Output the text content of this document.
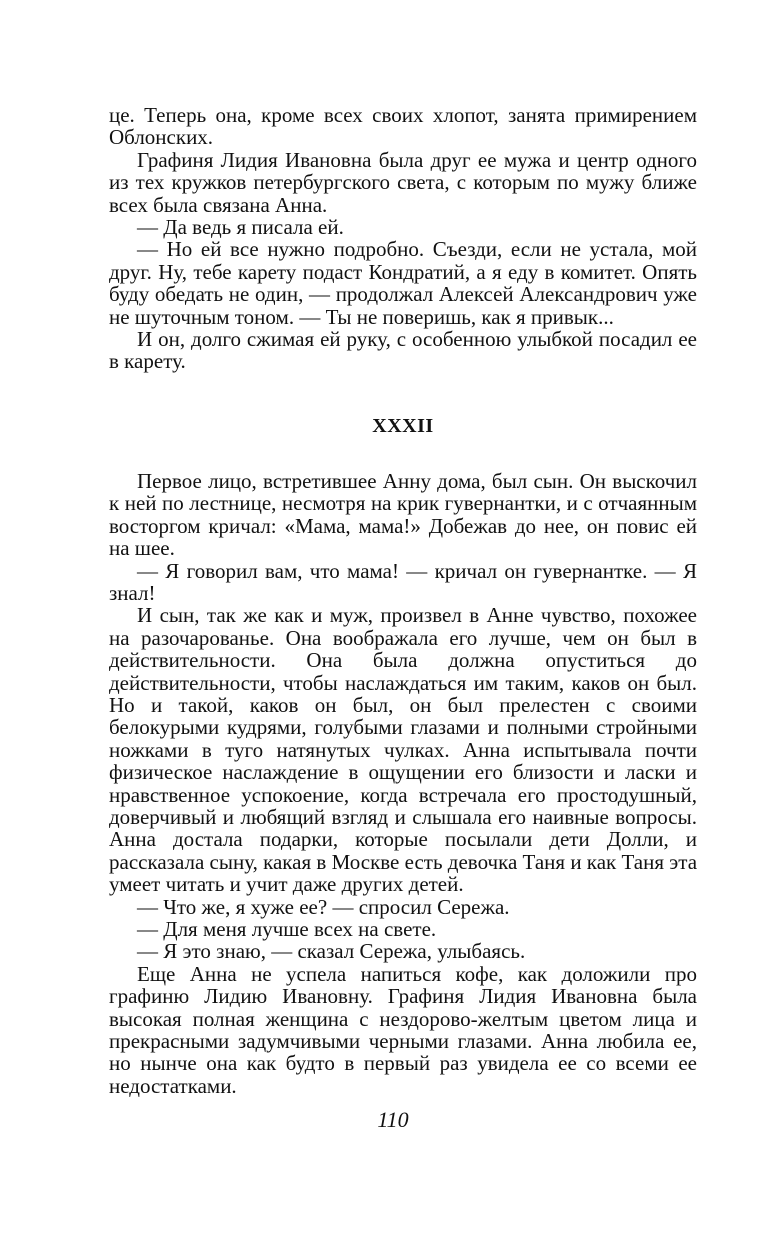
це. Теперь она, кроме всех своих хлопот, занята примирением Облонских.

Графиня Лидия Ивановна была друг ее мужа и центр одного из тех кружков петербургского света, с которым по мужу ближе всех была связана Анна.

— Да ведь я писала ей.

— Но ей все нужно подробно. Съезди, если не устала, мой друг. Ну, тебе карету подаст Кондратий, а я еду в комитет. Опять буду обедать не один, — продолжал Алексей Александрович уже не шуточным тоном. — Ты не поверишь, как я привык...

И он, долго сжимая ей руку, с особенною улыбкой посадил ее в карету.

XXXII

Первое лицо, встретившее Анну дома, был сын. Он выскочил к ней по лестнице, несмотря на крик гувернантки, и с отчаянным восторгом кричал: «Мама, мама!» Добежав до нее, он повис ей на шее.

— Я говорил вам, что мама! — кричал он гувернантке. — Я знал!

И сын, так же как и муж, произвел в Анне чувство, похожее на разочарованье. Она воображала его лучше, чем он был в действительности. Она была должна опуститься до действительности, чтобы наслаждаться им таким, каков он был. Но и такой, каков он был, он был прелестен с своими белокурыми кудрями, голубыми глазами и полными стройными ножками в туго натянутых чулках. Анна испытывала почти физическое наслаждение в ощущении его близости и ласки и нравственное успокоение, когда встречала его простодушный, доверчивый и любящий взгляд и слышала его наивные вопросы. Анна достала подарки, которые посылали дети Долли, и рассказала сыну, какая в Москве есть девочка Таня и как Таня эта умеет читать и учит даже других детей.

— Что же, я хуже ее? — спросил Сережа.

— Для меня лучше всех на свете.

— Я это знаю, — сказал Сережа, улыбаясь.

Еще Анна не успела напиться кофе, как доложили про графиню Лидию Ивановну. Графиня Лидия Ивановна была высокая полная женщина с нездорово-желтым цветом лица и прекрасными задумчивыми черными глазами. Анна любила ее, но нынче она как будто в первый раз увидела ее со всеми ее недостатками.

110
